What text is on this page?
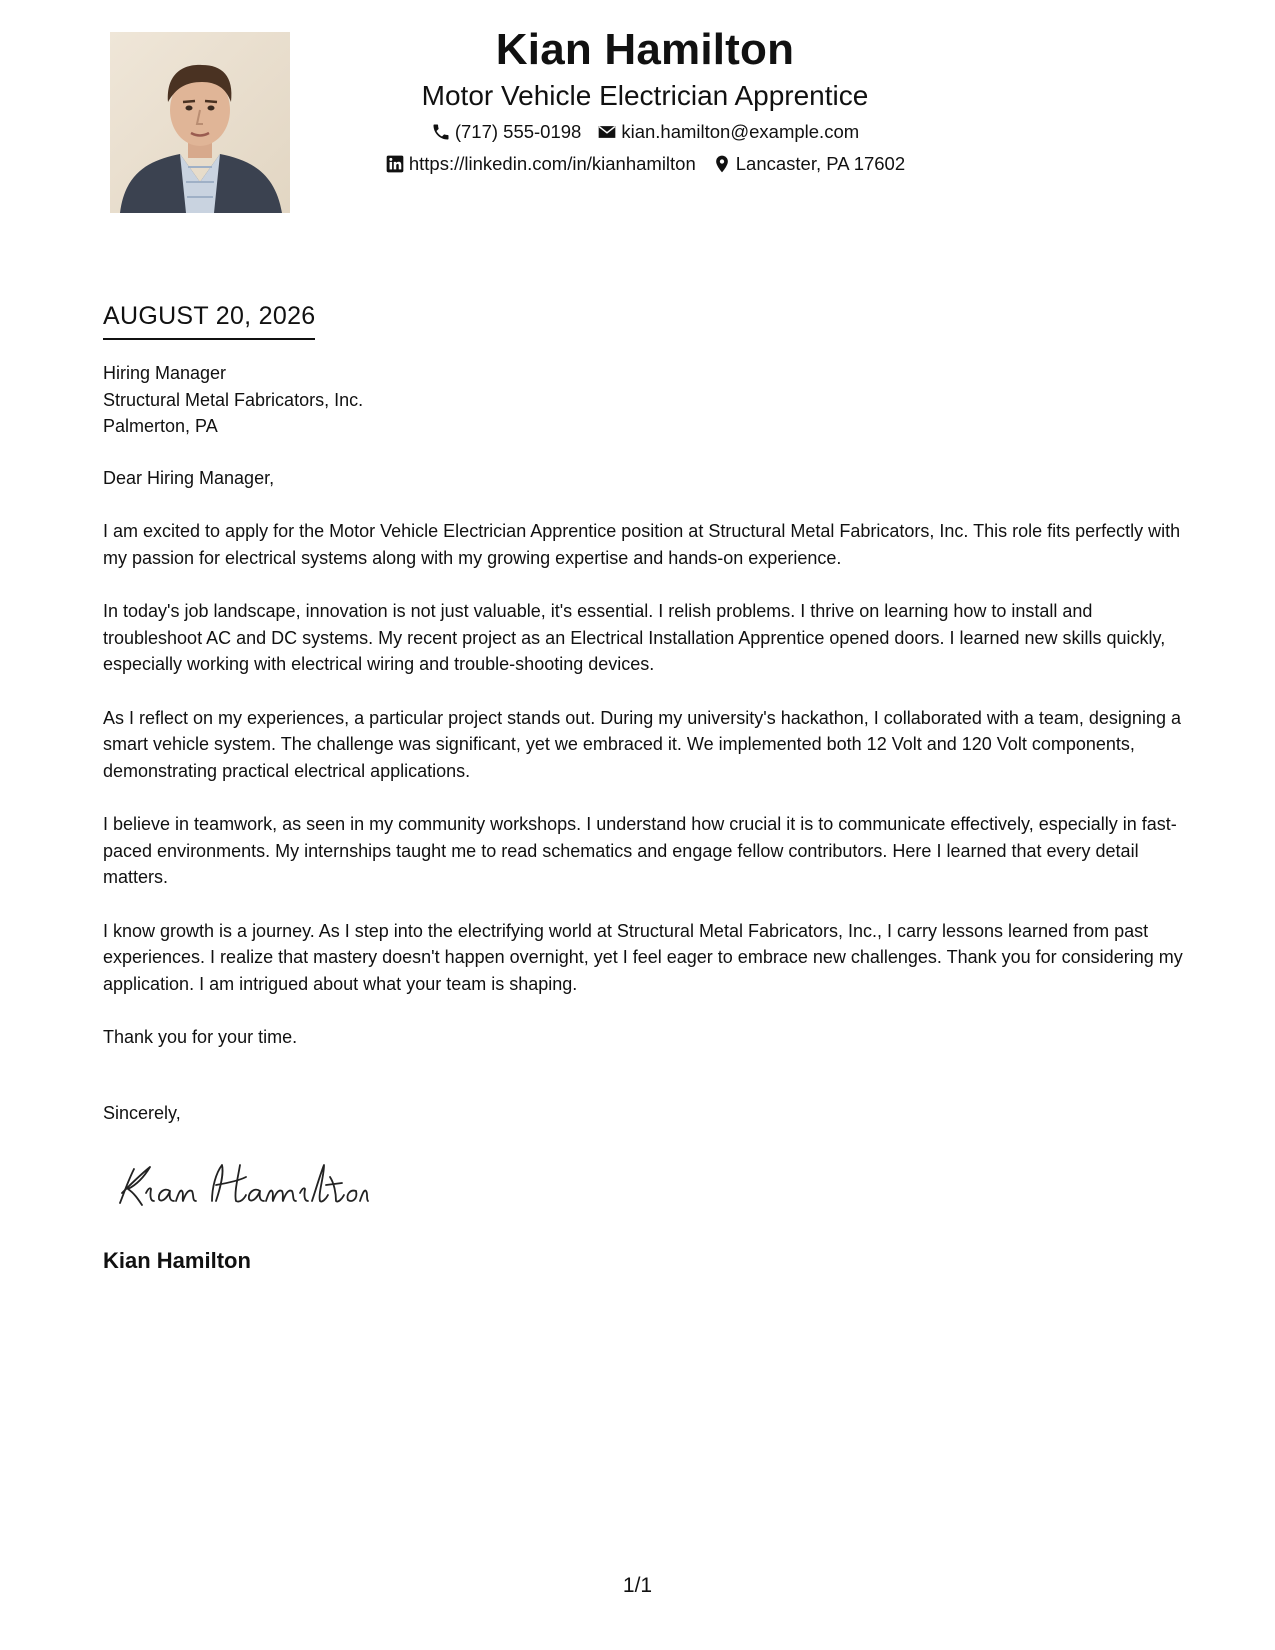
Kian Hamilton
Motor Vehicle Electrician Apprentice
(717) 555-0198 kian.hamilton@example.com
https://linkedin.com/in/kianhamilton Lancaster, PA 17602
AUGUST 20, 2026
Hiring Manager
Structural Metal Fabricators, Inc.
Palmerton, PA

Dear Hiring Manager,

I am excited to apply for the Motor Vehicle Electrician Apprentice position at Structural Metal Fabricators, Inc. This role fits perfectly with my passion for electrical systems along with my growing expertise and hands-on experience.

In today's job landscape, innovation is not just valuable, it's essential. I relish problems. I thrive on learning how to install and troubleshoot AC and DC systems. My recent project as an Electrical Installation Apprentice opened doors. I learned new skills quickly, especially working with electrical wiring and trouble-shooting devices.

As I reflect on my experiences, a particular project stands out. During my university's hackathon, I collaborated with a team, designing a smart vehicle system. The challenge was significant, yet we embraced it. We implemented both 12 Volt and 120 Volt components, demonstrating practical electrical applications.

I believe in teamwork, as seen in my community workshops. I understand how crucial it is to communicate effectively, especially in fast-paced environments. My internships taught me to read schematics and engage fellow contributors. Here I learned that every detail matters.

I know growth is a journey. As I step into the electrifying world at Structural Metal Fabricators, Inc., I carry lessons learned from past experiences. I realize that mastery doesn't happen overnight, yet I feel eager to embrace new challenges. Thank you for considering my application. I am intrigued about what your team is shaping.

Thank you for your time.

Sincerely,
Kian Hamilton
1/1
